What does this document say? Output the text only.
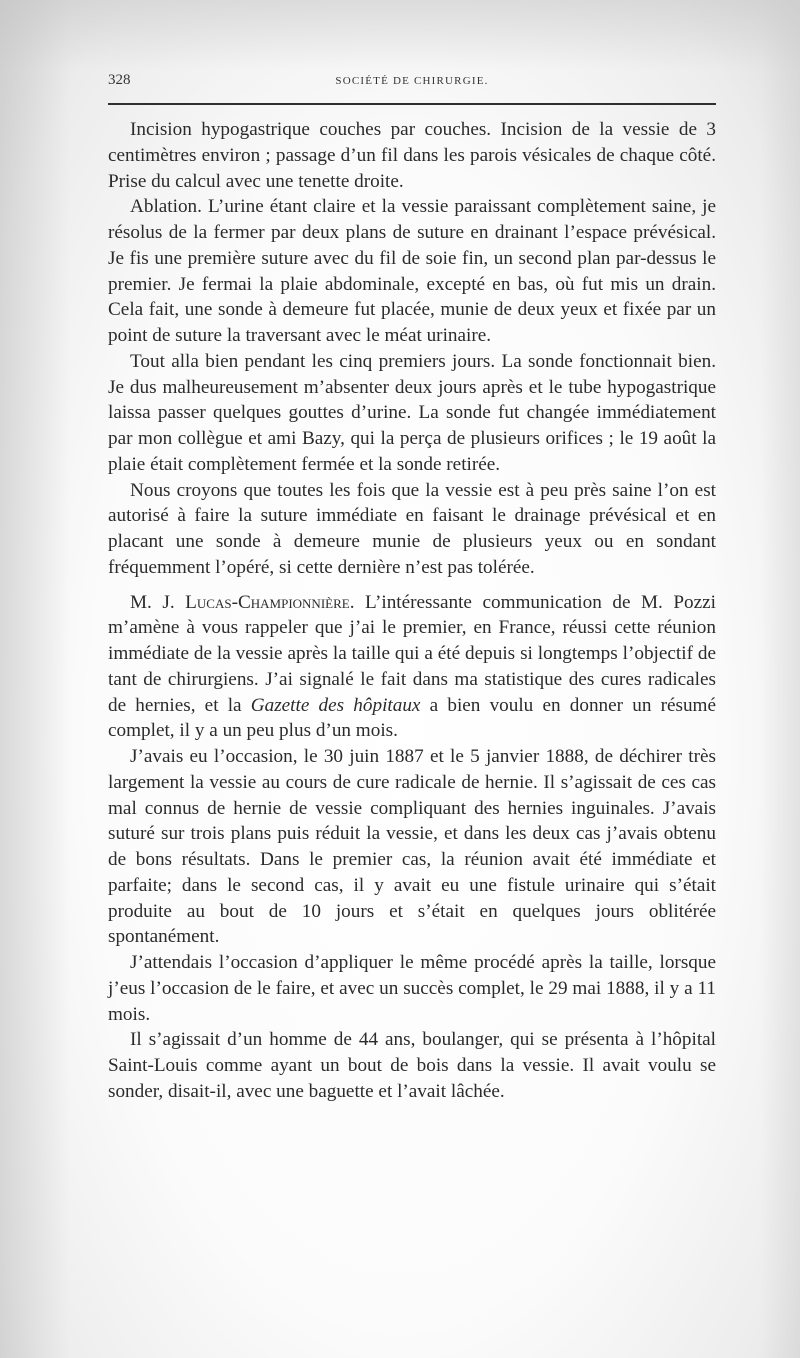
328	SOCIÉTÉ DE CHIRURGIE.

Incision hypogastrique couches par couches. Incision de la vessie de 3 centimètres environ ; passage d’un fil dans les parois vésicales de chaque côté. Prise du calcul avec une tenette droite.

Ablation. L’urine étant claire et la vessie paraissant complètement saine, je résolus de la fermer par deux plans de suture en drainant l’espace prévésical. Je fis une première suture avec du fil de soie fin, un second plan par-dessus le premier. Je fermai la plaie abdominale, excepté en bas, où fut mis un drain. Cela fait, une sonde à demeure fut placée, munie de deux yeux et fixée par un point de suture la traversant avec le méat urinaire.

Tout alla bien pendant les cinq premiers jours. La sonde fonctionnait bien. Je dus malheureusement m’absenter deux jours après et le tube hypogastrique laissa passer quelques gouttes d’urine. La sonde fut changée immédiatement par mon collègue et ami Bazy, qui la perça de plusieurs orifices ; le 19 août la plaie était complètement fermée et la sonde retirée.

Nous croyons que toutes les fois que la vessie est à peu près saine l’on est autorisé à faire la suture immédiate en faisant le drainage prévésical et en placant une sonde à demeure munie de plusieurs yeux ou en sondant fréquemment l’opéré, si cette dernière n’est pas tolérée.

M. J. Lucas-Championnière. L’intéressante communication de M. Pozzi m’amène à vous rappeler que j’ai le premier, en France, réussi cette réunion immédiate de la vessie après la taille qui a été depuis si longtemps l’objectif de tant de chirurgiens. J’ai signalé le fait dans ma statistique des cures radicales de hernies, et la Gazette des hôpitaux a bien voulu en donner un résumé complet, il y a un peu plus d’un mois.

J’avais eu l’occasion, le 30 juin 1887 et le 5 janvier 1888, de déchirer très largement la vessie au cours de cure radicale de hernie. Il s’agissait de ces cas mal connus de hernie de vessie compliquant des hernies inguinales. J’avais suturé sur trois plans puis réduit la vessie, et dans les deux cas j’avais obtenu de bons résultats. Dans le premier cas, la réunion avait été immédiate et parfaite; dans le second cas, il y avait eu une fistule urinaire qui s’était produite au bout de 10 jours et s’était en quelques jours oblitérée spontanément.

J’attendais l’occasion d’appliquer le même procédé après la taille, lorsque j’eus l’occasion de le faire, et avec un succès complet, le 29 mai 1888, il y a 11 mois.

Il s’agissait d’un homme de 44 ans, boulanger, qui se présenta à l’hôpital Saint-Louis comme ayant un bout de bois dans la vessie. Il avait voulu se sonder, disait-il, avec une baguette et l’avait lâchée.
